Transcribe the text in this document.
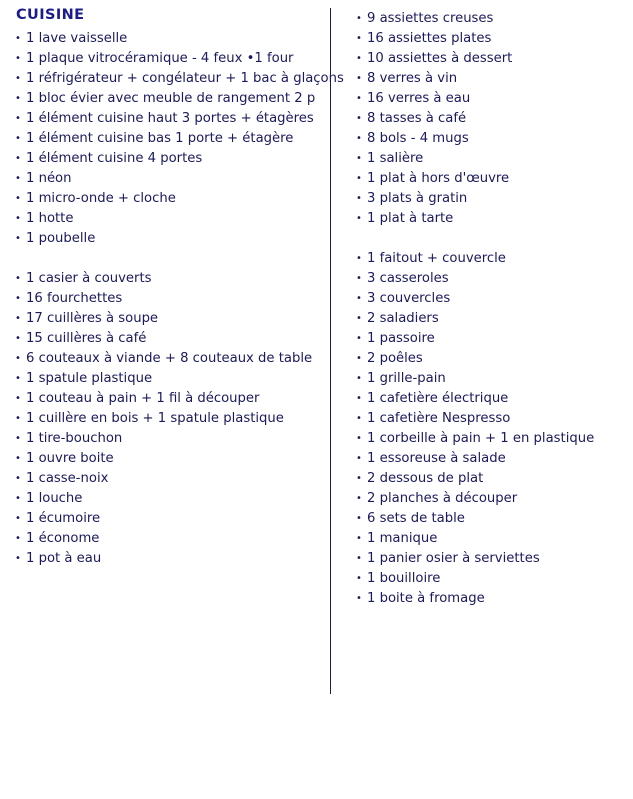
CUISINE
• 1 lave vaisselle
• 1 plaque vitrocéramique - 4 feux •1 four
• 1 réfrigérateur + congélateur + 1 bac à glaçons
• 1 bloc évier avec meuble de rangement 2 p
• 1 élément cuisine haut 3 portes + étagères
• 1 élément cuisine bas 1 porte + étagère
• 1 élément cuisine 4 portes
• 1 néon
• 1 micro-onde + cloche
• 1 hotte
• 1 poubelle
• 1 casier à couverts
• 16 fourchettes
• 17 cuillères à soupe
• 15 cuillères à café
• 6 couteaux à viande + 8 couteaux de table
• 1 spatule plastique
• 1 couteau à pain + 1 fil à découper
• 1 cuillère en bois + 1 spatule plastique
• 1 tire-bouchon
• 1 ouvre boite
• 1 casse-noix
• 1 louche
• 1 écumoire
• 1 économe
• 1 pot à eau
• 9 assiettes creuses
• 16 assiettes plates
• 10 assiettes à dessert
• 8 verres à vin
• 16 verres à eau
• 8 tasses à café
• 8 bols - 4 mugs
• 1 salière
• 1 plat à hors d'œuvre
• 3 plats à gratin
• 1 plat à tarte
• 1 faitout + couvercle
• 3 casseroles
• 3 couvercles
• 2 saladiers
• 1 passoire
• 2 poêles
• 1 grille-pain
• 1 cafetière électrique
• 1 cafetière Nespresso
• 1 corbeille à pain + 1 en plastique
• 1 essoreuse à salade
• 2 dessous de plat
• 2 planches à découper
• 6 sets de table
• 1 manique
• 1 panier osier à serviettes
• 1 bouilloire
• 1 boite à fromage
